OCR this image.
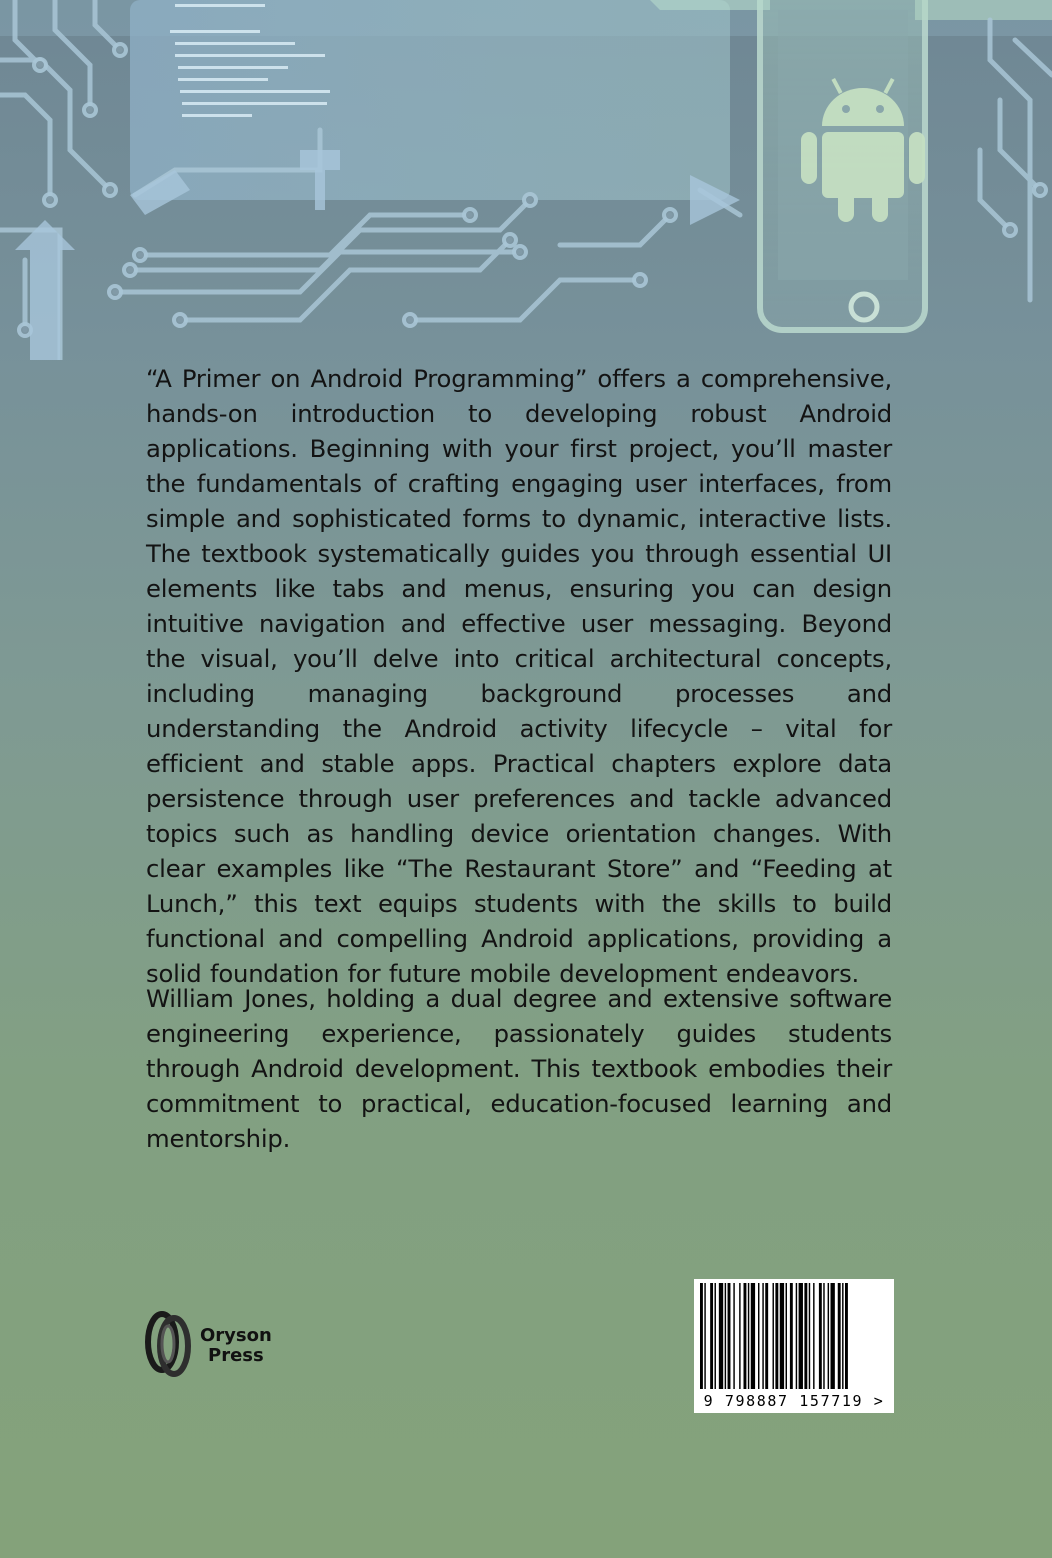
“A Primer on Android Programming” offers a comprehensive, hands-on introduction to developing robust Android applications. Beginning with your first project, you’ll master the fundamentals of crafting engaging user interfaces, from simple and sophisticated forms to dynamic, interactive lists. The textbook systematically guides you through essential UI elements like tabs and menus, ensuring you can design intuitive navigation and effective user messaging. Beyond the visual, you’ll delve into critical architectural concepts, including managing background processes and understanding the Android activity lifecycle – vital for efficient and stable apps. Practical chapters explore data persistence through user preferences and tackle advanced topics such as handling device orientation changes. With clear examples like “The Restaurant Store” and “Feeding at Lunch,” this text equips students with the skills to build functional and compelling Android applications, providing a solid foundation for future mobile development endeavors.

William Jones, holding a dual degree and extensive software engineering experience, passionately guides students through Android development. This textbook embodies their commitment to practical, education-focused learning and mentorship.

Oryson
Press
9 798887 157719 >
